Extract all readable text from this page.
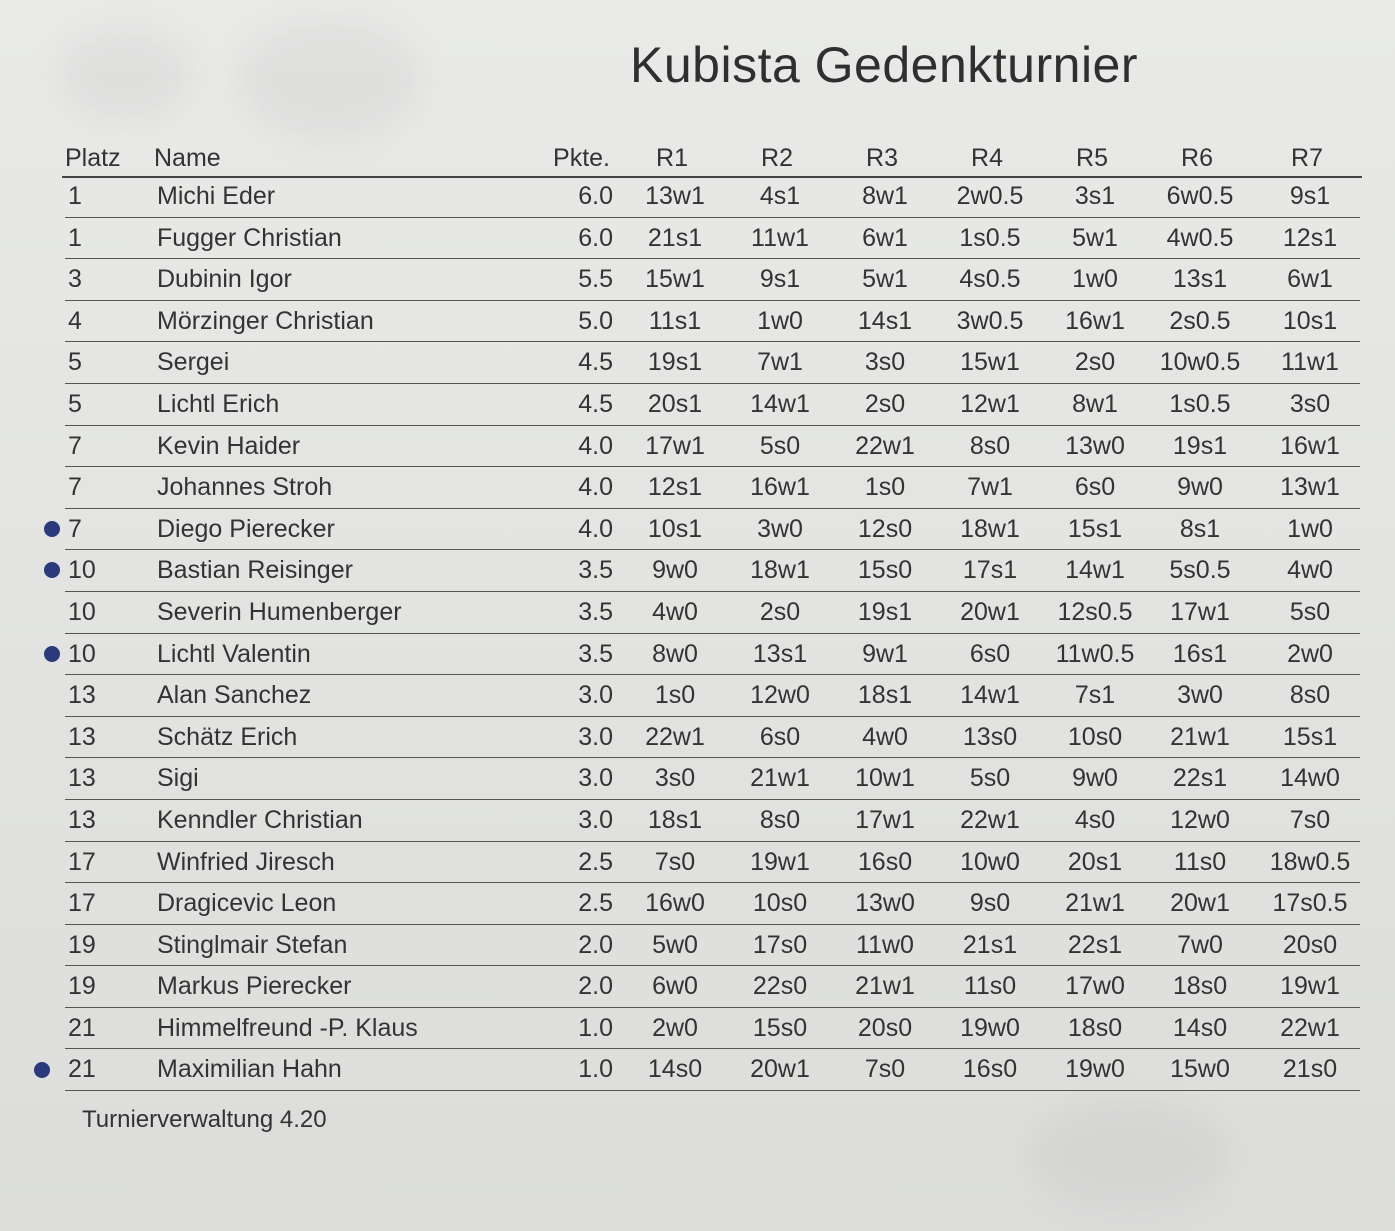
Kubista Gedenkturnier
Platz Name	Pkte.	R1	R2	R3	R4	R5	R6	R7
1	Michi Eder	6.0	13w1	4s1	8w1	2w0.5	3s1	6w0.5	9s1
1	Fugger Christian	6.0	21s1	11w1	6w1	1s0.5	5w1	4w0.5	12s1
3	Dubinin Igor	5.5	15w1	9s1	5w1	4s0.5	1w0	13s1	6w1
4	Mörzinger Christian	5.0	11s1	1w0	14s1	3w0.5	16w1	2s0.5	10s1
5	Sergei	4.5	19s1	7w1	3s0	15w1	2s0	10w0.5	11w1
5	Lichtl Erich	4.5	20s1	14w1	2s0	12w1	8w1	1s0.5	3s0
7	Kevin Haider	4.0	17w1	5s0	22w1	8s0	13w0	19s1	16w1
7	Johannes Stroh	4.0	12s1	16w1	1s0	7w1	6s0	9w0	13w1
7	Diego Pierecker	4.0	10s1	3w0	12s0	18w1	15s1	8s1	1w0
10 Bastian Reisinger	3.5	9w0	18w1	15s0	17s1	14w1	5s0.5	4w0
10 Severin Humenberger	3.5	4w0	2s0	19s1	20w1	12s0.5	17w1	5s0
10 Lichtl Valentin	3.5	8w0	13s1	9w1	6s0	11w0.5	16s1	2w0
13 Alan Sanchez	3.0	1s0	12w0	18s1	14w1	7s1	3w0	8s0
13 Schätz Erich	3.0	22w1	6s0	4w0	13s0	10s0	21w1	15s1
13 Sigi	3.0	3s0	21w1	10w1	5s0	9w0	22s1	14w0
13 Kenndler Christian	3.0	18s1	8s0	17w1	22w1	4s0	12w0	7s0
17 Winfried Jiresch	2.5	7s0	19w1	16s0	10w0	20s1	11s0	18w0.5
17 Dragicevic Leon	2.5	16w0	10s0	13w0	9s0	21w1	20w1	17s0.5
19 Stinglmair Stefan	2.0	5w0	17s0	11w0	21s1	22s1	7w0	20s0
19 Markus Pierecker	2.0	6w0	22s0	21w1	11s0	17w0	18s0	19w1
21 Himmelfreund -P. Klaus	1.0	2w0	15s0	20s0	19w0	18s0	14s0	22w1
21 Maximilian Hahn	1.0	14s0	20w1	7s0	16s0	19w0	15w0	21s0
Turnierverwaltung 4.20
